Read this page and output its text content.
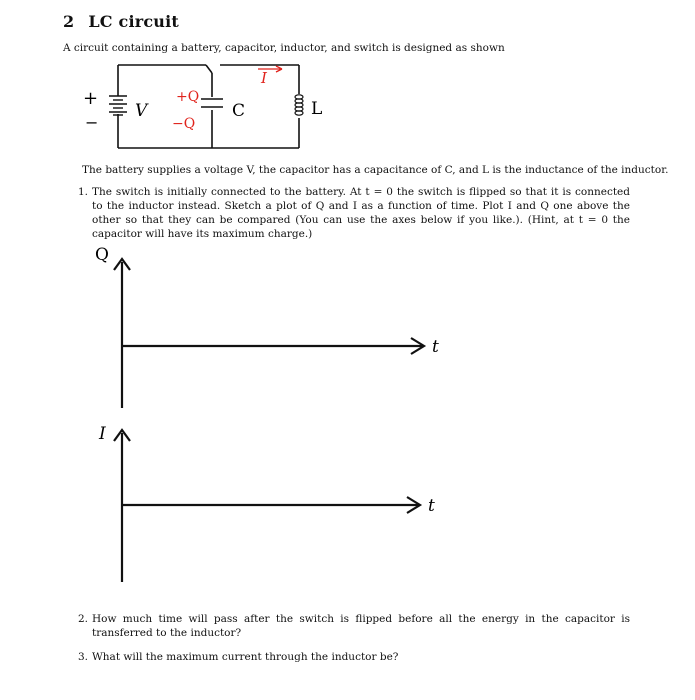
2 LC circuit
A circuit containing a battery, capacitor, inductor, and switch is designed as shown
+
−
V
+Q
−Q
C	L
I
The battery supplies a voltage V, the capacitor has a capacitance of C, and L is the inductance of the inductor.
1. The switch is initially connected to the battery. At t = 0 the switch is flipped so that it is connected to the inductor instead. Sketch a plot of Q and I as a function of time. Plot I and Q one above the other so that they can be compared (You can use the axes below if you like.). (Hint, at t = 0 the capacitor will have its maximum charge.)
Q
t
I
t
2. How much time will pass after the switch is flipped before all the energy in the capacitor is transferred to the inductor?
3. What will the maximum current through the inductor be?
